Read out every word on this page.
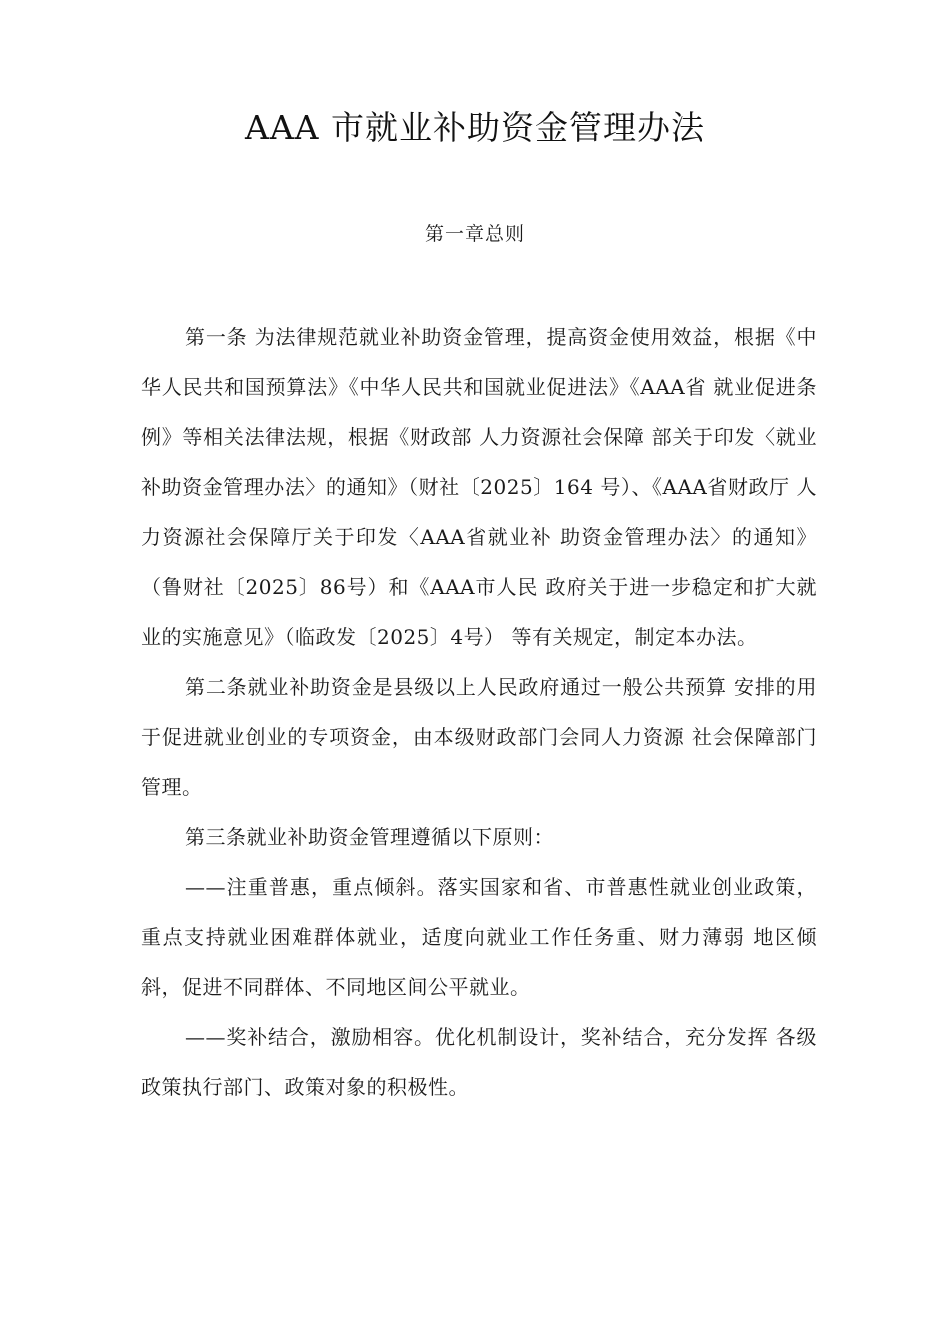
AAA 市就业补助资金管理办法
第一章总则

第一条 为法律规范就业补助资金管理，提高资金使用效益，根据《中华人民共和国预算法》《中华人民共和国就业促进法》《AAA省 就业促进条例》等相关法律法规，根据《财政部 人力资源社会保障 部关于印发〈就业补助资金管理办法〉的通知》（财社〔2025〕164 号）、《AAA省财政厅 人力资源社会保障厅关于印发〈AAA省就业补 助资金管理办法〉的通知》（鲁财社〔2025〕86号）和《AAA市人民 政府关于进一步稳定和扩大就业的实施意见》（临政发〔2025〕4号） 等有关规定，制定本办法。

第二条就业补助资金是县级以上人民政府通过一般公共预算 安排的用于促进就业创业的专项资金，由本级财政部门会同人力资源 社会保障部门管理。

第三条就业补助资金管理遵循以下原则：

——注重普惠，重点倾斜。落实国家和省、市普惠性就业创业政策，重点支持就业困难群体就业，适度向就业工作任务重、财力薄弱 地区倾斜，促进不同群体、不同地区间公平就业。

——奖补结合，激励相容。优化机制设计，奖补结合，充分发挥 各级政策执行部门、政策对象的积极性。
